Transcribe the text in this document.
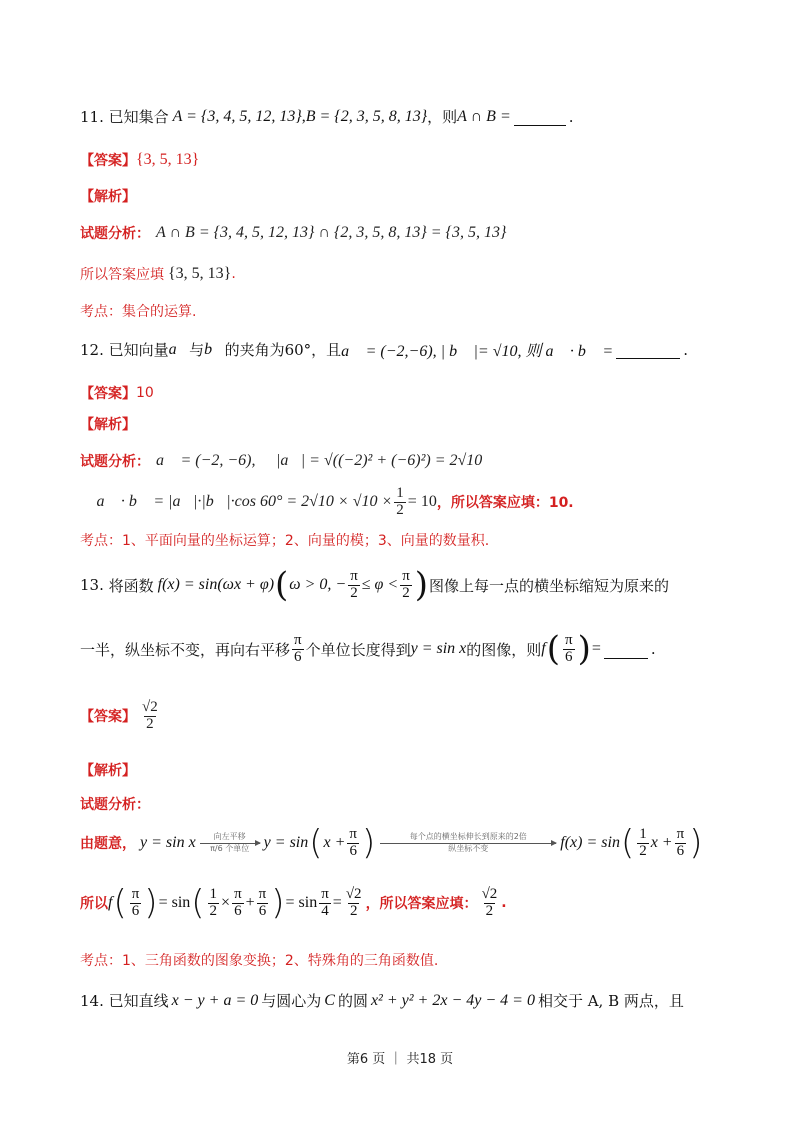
11.
已知集合 A = {3, 4, 5, 12, 13} , B = {2, 3, 5, 8, 13} ，则 A ∩ B =
	.
【答案】 {3, 5, 13}
【解析】
试题分析： A ∩ B = {3, 4, 5, 12, 13} ∩ {2, 3, 5, 8, 13} = {3, 5, 13}
所以答案应填 {3, 5, 13} .
考点：集合的运算.
12.
已知向量 a⃗ 与 b⃗ 的夹角为60°，且 a⃗ = (−2,−6), | b⃗ |= √10, 则 a⃗ · b⃗ =
	.
【答案】 10
【解析】
试题分析： a⃗ = (−2, −6), ∴ |a⃗| = √((−2)² + (−6)²) = 2√10
∴ a⃗ · b⃗ = |a⃗|·|b⃗|·cos $60^\circ = 2√10 \times √10 \times \frac{1}{2} = 10$ ，所以答案应填：10.
考点：1、平面向量的坐标运算；2、向量的模；3、向量的数量积.
13.
将函数 f(x) = sin(ωx + φ) ( ω > 0, − $\frac{\pi}{2} \le \varphi < \frac{\pi}{2}$ ) 图像上每一点的横坐标缩短为原来的
一半，纵坐标不变，再向右平移 $\frac{\pi}{6}$ 个单位长度得到 y = sin x 的图像，则 f ( $\frac{\pi}{6}$ ) =
	.
【答案】 $\frac{√2}{2}$
【解析】
试题分析：
由题意， y = sin x 向左平移
π/6 个单位 y = sin ( $x + \frac{\pi}{6}$ )	每个点的横坐标伸长到原来的2倍
纵坐标不变	f(x) = sin ( $\frac{1}{2}$ $x + \frac{\pi}{6}$ )
所以 f ( $\frac{\pi}{6}$ ) = sin ( $\frac{1}{2} \times \frac{\pi}{6} + \frac{\pi}{6}$ ) = $\sin \frac{\pi}{4} = \frac{√2}{2}$ ，所以答案应填： $\frac{√2}{2}$ .
考点：1、三角函数的图象变换；2、特殊角的三角函数值.
14.
已知直线 x − y + a = 0 与圆心为 C 的圆 x² + y² + 2x − 4y − 4 = 0 相交于 A, B 两点，且
第6 页 ｜ 共18 页
